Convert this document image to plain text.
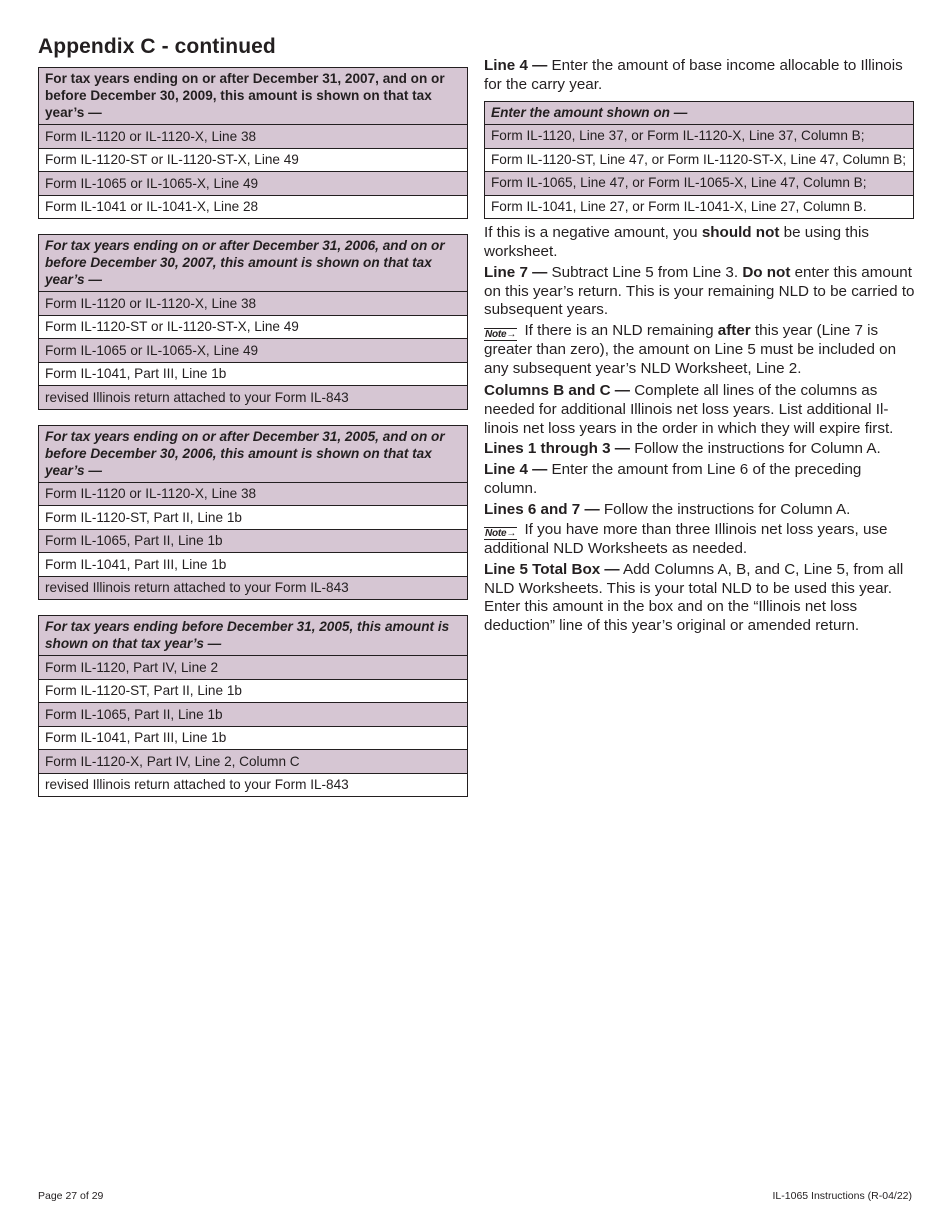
Appendix C - continued
For tax years ending on or after December 31, 2007, and on or before December 30, 2009, this amount is shown on that tax year’s —
Form IL-1120 or IL-1120-X, Line 38
Form IL-1120-ST or IL-1120-ST-X, Line 49
Form IL-1065 or IL-1065-X, Line 49
Form IL-1041 or IL-1041-X, Line 28
For tax years ending on or after December 31, 2006, and on or before December 30, 2007, this amount is shown on that tax year’s —
Form IL-1120 or IL-1120-X, Line 38
Form IL-1120-ST or IL-1120-ST-X, Line 49
Form IL-1065 or IL-1065-X, Line 49
Form IL-1041, Part III, Line 1b
revised Illinois return attached to your Form IL-843
For tax years ending on or after December 31, 2005, and on or before December 30, 2006, this amount is shown on that tax year’s —
Form IL-1120 or IL-1120-X, Line 38
Form IL-1120-ST, Part II, Line 1b
Form IL-1065, Part II, Line 1b
Form IL-1041, Part III, Line 1b
revised Illinois return attached to your Form IL-843
For tax years ending before December 31, 2005, this amount is shown on that tax year’s —
Form IL-1120, Part IV, Line 2
Form IL-1120-ST, Part II, Line 1b
Form IL-1065, Part II, Line 1b
Form IL-1041, Part III, Line 1b
Form IL-1120-X, Part IV, Line 2, Column C
revised Illinois return attached to your Form IL-843

Line 4 — Enter the amount of base income allocable to Illinois for the carry year.

Enter the amount shown on —
Form IL-1120, Line 37, or Form IL-1120-X, Line 37, Column B;
Form IL-1120-ST, Line 47, or Form IL-1120-ST-X, Line 47, Column B;
Form IL-1065, Line 47, or Form IL-1065-X, Line 47, Column B;
Form IL-1041, Line 27, or Form IL-1041-X, Line 27, Column B.

If this is a negative amount, you should not be using this worksheet.

Line 7 — Subtract Line 5 from Line 3. Do not enter this amount on this year’s return. This is your remaining NLD to be carried to subsequent years.

Note→ If there is an NLD remaining after this year (Line 7 is greater than zero), the amount on Line 5 must be included on any subsequent year’s NLD Worksheet, Line 2.

Columns B and C — Complete all lines of the columns as needed for additional Illinois net loss years. List additional Il-linois net loss years in the order in which they will expire first.

Lines 1 through 3 — Follow the instructions for Column A.

Line 4 — Enter the amount from Line 6 of the preceding column.

Lines 6 and 7 — Follow the instructions for Column A.

Note→ If you have more than three Illinois net loss years, use additional NLD Worksheets as needed.

Line 5 Total Box — Add Columns A, B, and C, Line 5, from all NLD Worksheets. This is your total NLD to be used this year. Enter this amount in the box and on the “Illinois net loss deduction” line of this year’s original or amended return.

Page 27 of 29	IL-1065 Instructions (R-04/22)
